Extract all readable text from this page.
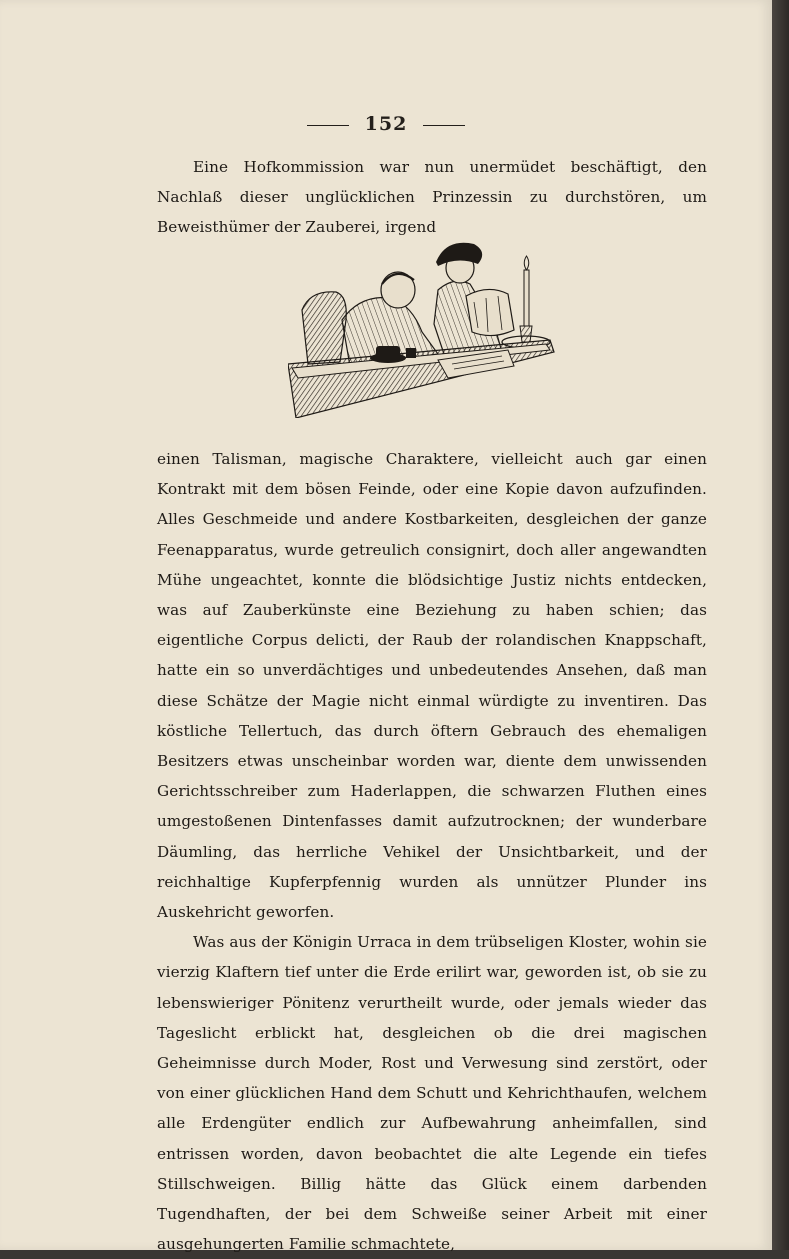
152

Eine Hofkommission war nun unermüdet beschäftigt, den Nachlaß dieser unglücklichen Prinzessin zu durchstören, um Beweisthümer der Zauberei, irgend

einen Talisman, magische Charaktere, vielleicht auch gar einen Kontrakt mit dem bösen Feinde, oder eine Kopie davon aufzufinden. Alles Geschmeide und andere Kostbarkeiten, desgleichen der ganze Feenapparatus, wurde getreulich consignirt, doch aller angewandten Mühe ungeachtet, konnte die blödsichtige Justiz nichts entdecken, was auf Zauberkünste eine Beziehung zu haben schien; das eigentliche Corpus delicti, der Raub der rolandischen Knappschaft, hatte ein so unverdächtiges und unbedeutendes Ansehen, daß man diese Schätze der Magie nicht einmal würdigte zu inventiren. Das köstliche Tellertuch, das durch öftern Gebrauch des ehemaligen Besitzers etwas unscheinbar worden war, diente dem unwissenden Gerichtsschreiber zum Haderlappen, die schwarzen Fluthen eines umgestoßenen Dintenfasses damit aufzutrocknen; der wunderbare Däumling, das herrliche Vehikel der Unsichtbarkeit, und der reichhaltige Kupferpfennig wurden als unnützer Plunder ins Auskehricht geworfen.

Was aus der Königin Urraca in dem trübseligen Kloster, wohin sie vierzig Klaftern tief unter die Erde erilirt war, geworden ist, ob sie zu lebenswieriger Pönitenz verurtheilt wurde, oder jemals wieder das Tageslicht erblickt hat, desgleichen ob die drei magischen Geheimnisse durch Moder, Rost und Verwesung sind zerstört, oder von einer glücklichen Hand dem Schutt und Kehrichthaufen, welchem alle Erdengüter endlich zur Aufbewahrung anheimfallen, sind entrissen worden, davon beobachtet die alte Legende ein tiefes Stillschweigen. Billig hätte das Glück einem darbenden Tugendhaften, der bei dem Schweiße seiner Arbeit mit einer ausgehungerten Familie schmachtete,
